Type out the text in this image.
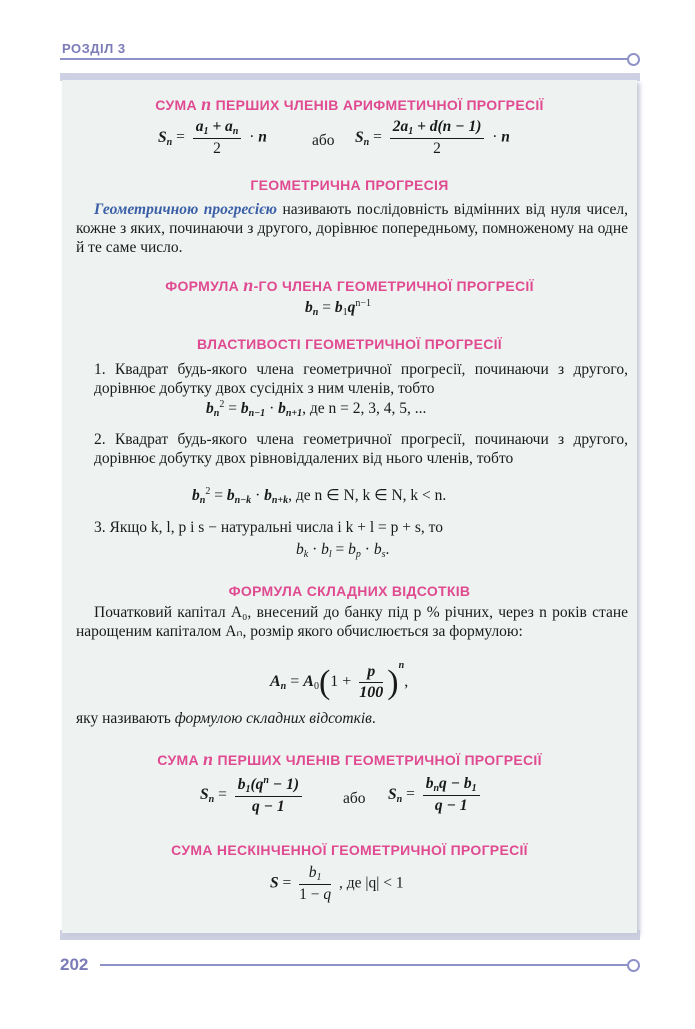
РОЗДІЛ 3
СУМА n ПЕРШИХ ЧЛЕНІВ АРИФМЕТИЧНОЇ ПРОГРЕСІЇ
$S_n = \frac{a_1 + a_n}{2} \cdot n$	або $S_n = \frac{2a_1 + d(n - 1)}{2} \cdot n$
ГЕОМЕТРИЧНА ПРОГРЕСІЯ
Геометричною прогресією називають послідовність відмінних від нуля чисел, кожне з яких, починаючи з другого, дорівнює попередньому, помноженому на одне й те саме число.
ФОРМУЛА n-ГО ЧЛЕНА ГЕОМЕТРИЧНОЇ ПРОГРЕСІЇ
$b_n = b_1q^{n-1}$
ВЛАСТИВОСТІ ГЕОМЕТРИЧНОЇ ПРОГРЕСІЇ
1. Квадрат будь-якого члена геометричної прогресії, починаючи з другого, дорівнює добутку двох сусідніх з ним членів, тобто
$b_n^2 = b_{n-1} \cdot b_{n+1}$, де n = 2, 3, 4, 5, ...
2. Квадрат будь-якого члена геометричної прогресії, починаючи з другого, дорівнює добутку двох рівновіддалених від нього членів, тобто
$b_n^2 = b_{n-k} \cdot b_{n+k}$, де n ∈ N, k ∈ N, k < n.
3. Якщо k, l, p і s − натуральні числа і k + l = p + s, то
$b_k \cdot b_l = b_p \cdot b_s$.
ФОРМУЛА СКЛАДНИХ ВІДСОТКІВ
Початковий капітал A₀, внесений до банку під p % річних, через n років стане нарощеним капіталом Aₙ, розмір якого обчислюється за формулою:
$A_n = A_0(1 + \frac{p}{100} )^n$,
яку називають формулою складних відсотків.
СУМА n ПЕРШИХ ЧЛЕНІВ ГЕОМЕТРИЧНОЇ ПРОГРЕСІЇ
$S_n = \frac{b_1(q^n - 1)}{q - 1}$	або $S_n = \frac{b_nq - b_1}{q - 1}$
СУМА НЕСКІНЧЕННОЇ ГЕОМЕТРИЧНОЇ ПРОГРЕСІЇ
$S = \frac{b_1}{1 - q}$ , де |q| < 1
202
